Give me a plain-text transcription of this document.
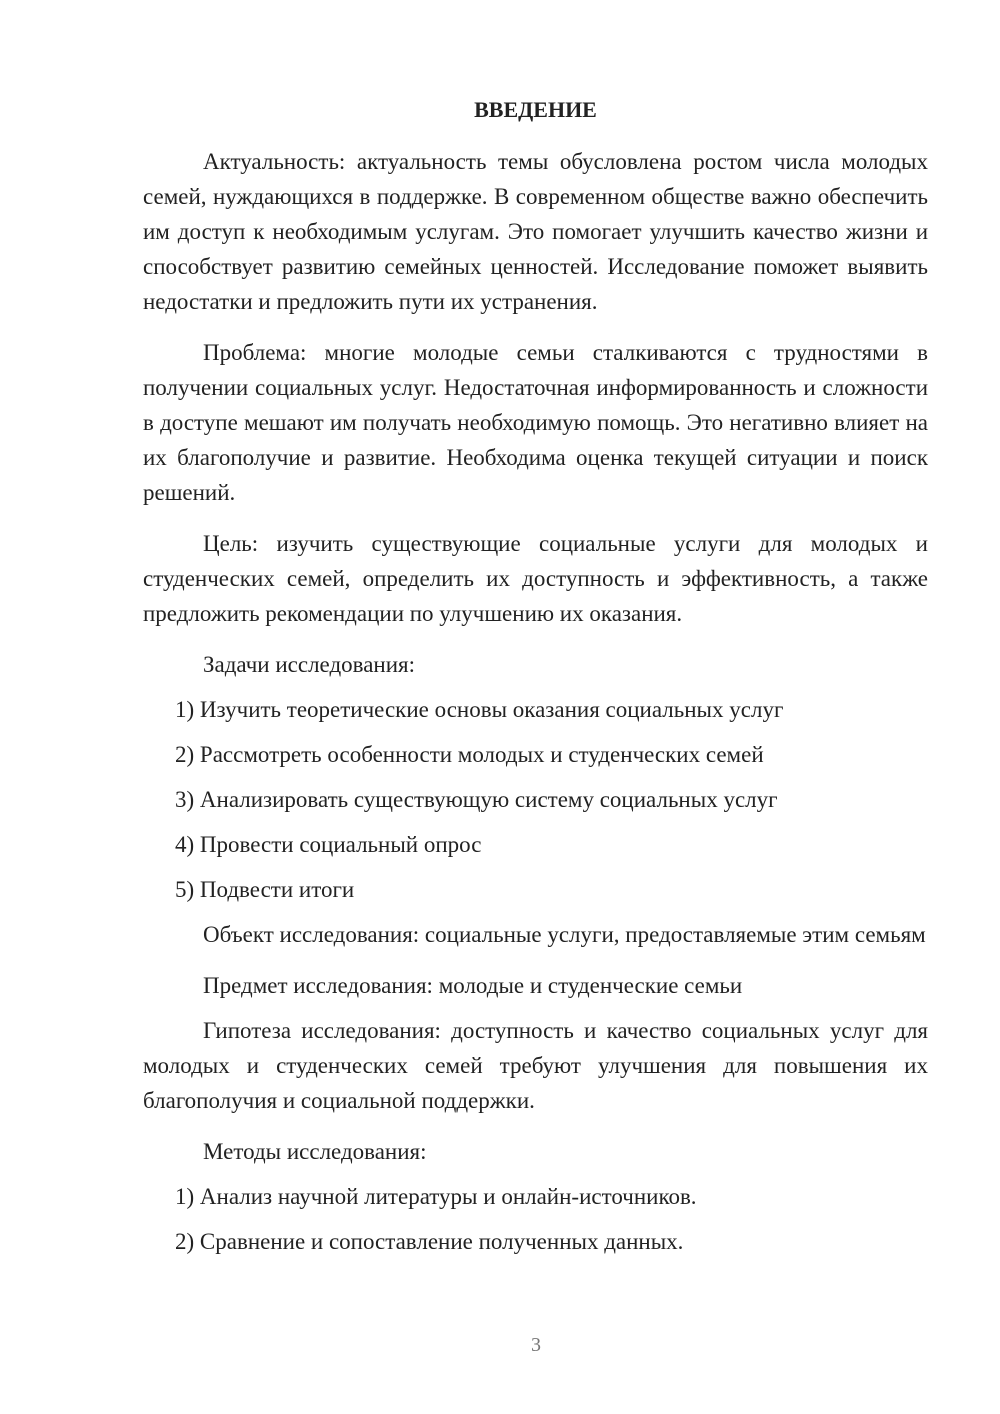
ВВЕДЕНИЕ

Актуальность: актуальность темы обусловлена ростом числа молодых семей, нуждающихся в поддержке. В современном обществе важно обеспечить им доступ к необходимым услугам. Это помогает улучшить качество жизни и способствует развитию семейных ценностей. Исследование поможет выявить недостатки и предложить пути их устранения.

Проблема: многие молодые семьи сталкиваются с трудностями в получении социальных услуг. Недостаточная информированность и сложности в доступе мешают им получать необходимую помощь. Это негативно влияет на их благополучие и развитие. Необходима оценка текущей ситуации и поиск решений.

Цель: изучить существующие социальные услуги для молодых и студенческих семей, определить их доступность и эффективность, а также предложить рекомендации по улучшению их оказания.

Задачи исследования:

1) Изучить теоретические основы оказания социальных услуг

2) Рассмотреть особенности молодых и студенческих семей

3) Анализировать существующую систему социальных услуг

4) Провести социальный опрос

5) Подвести итоги

Объект исследования: социальные услуги, предоставляемые этим семьям

Предмет исследования: молодые и студенческие семьи

Гипотеза исследования: доступность и качество социальных услуг для молодых и студенческих семей требуют улучшения для повышения их благополучия и социальной поддержки.

Методы исследования:

1) Анализ научной литературы и онлайн-источников.

2) Сравнение и сопоставление полученных данных.

3
